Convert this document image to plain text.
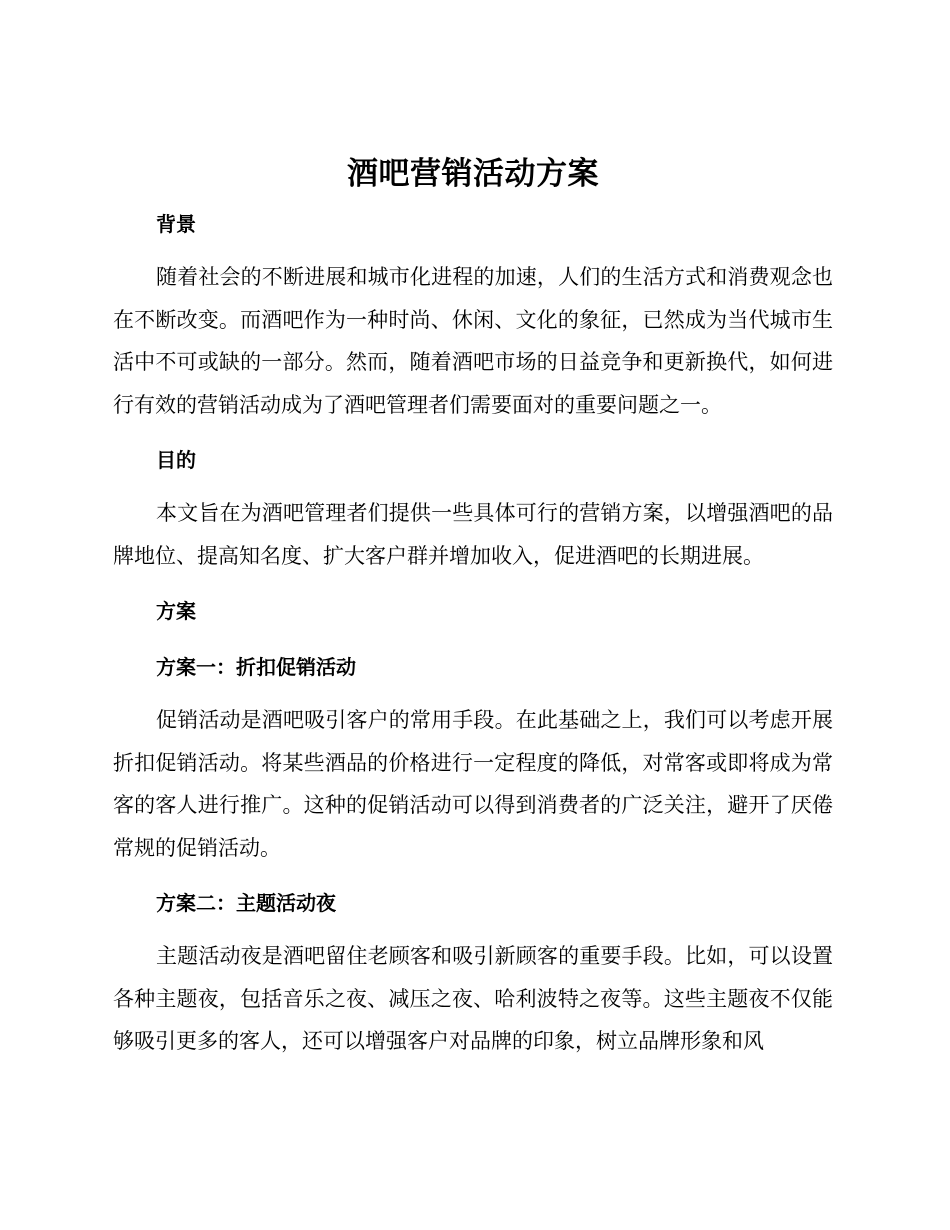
酒吧营销活动方案
背景

随着社会的不断进展和城市化进程的加速，人们的生活方式和消费观念也在不断改变。而酒吧作为一种时尚、休闲、文化的象征，已然成为当代城市生活中不可或缺的一部分。然而，随着酒吧市场的日益竞争和更新换代，如何进行有效的营销活动成为了酒吧管理者们需要面对的重要问题之一。

目的

本文旨在为酒吧管理者们提供一些具体可行的营销方案，以增强酒吧的品牌地位、提高知名度、扩大客户群并增加收入，促进酒吧的长期进展。

方案
方案一：折扣促销活动

促销活动是酒吧吸引客户的常用手段。在此基础之上，我们可以考虑开展折扣促销活动。将某些酒品的价格进行一定程度的降低，对常客或即将成为常客的客人进行推广。这种的促销活动可以得到消费者的广泛关注，避开了厌倦常规的促销活动。

方案二：主题活动夜

主题活动夜是酒吧留住老顾客和吸引新顾客的重要手段。比如，可以设置各种主题夜，包括音乐之夜、减压之夜、哈利波特之夜等。这些主题夜不仅能够吸引更多的客人，还可以增强客户对品牌的印象，树立品牌形象和风
